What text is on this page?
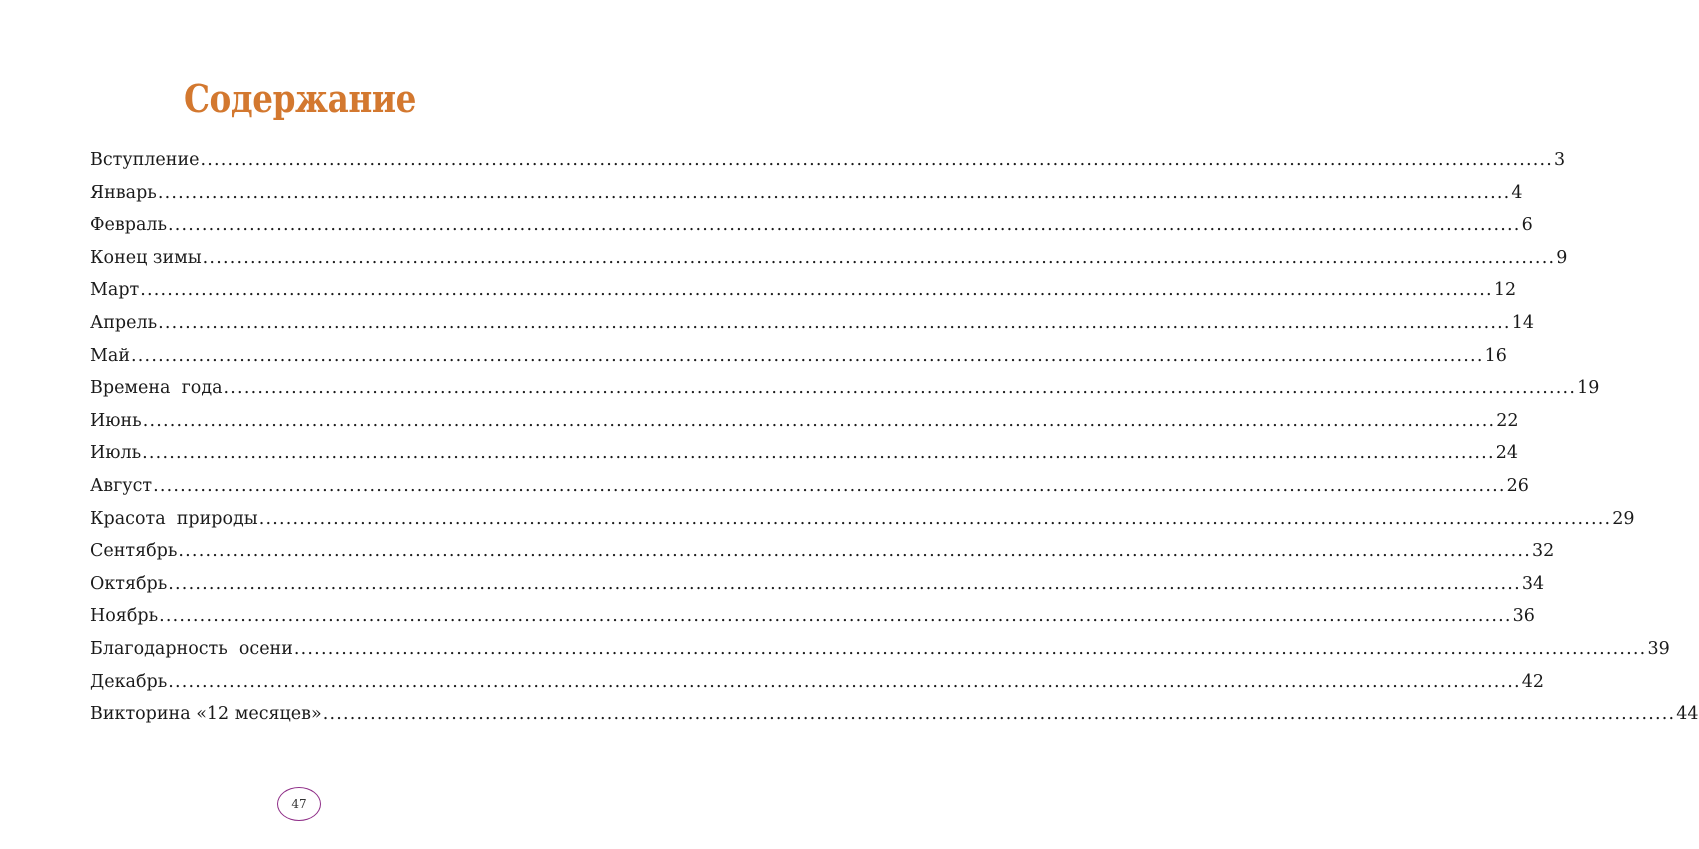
Содержание
Вступление ........................................................................................................................................................................................................ 3
Январь ........................................................................................................................................................................................................ 4
Февраль ........................................................................................................................................................................................................ 6
Конец зимы ........................................................................................................................................................................................................ 9
Март ........................................................................................................................................................................................................ 12
Апрель ........................................................................................................................................................................................................ 14
Май ........................................................................................................................................................................................................ 16
Времена  года ........................................................................................................................................................................................................ 19
Июнь ........................................................................................................................................................................................................ 22
Июль ........................................................................................................................................................................................................ 24
Август ........................................................................................................................................................................................................ 26
Красота  природы ........................................................................................................................................................................................................ 29
Сентябрь ........................................................................................................................................................................................................ 32
Октябрь ........................................................................................................................................................................................................ 34
Ноябрь ........................................................................................................................................................................................................ 36
Благодарность  осени ........................................................................................................................................................................................................ 39
Декабрь ........................................................................................................................................................................................................ 42
Викторина «12 месяцев» ........................................................................................................................................................................................................ 44
47
